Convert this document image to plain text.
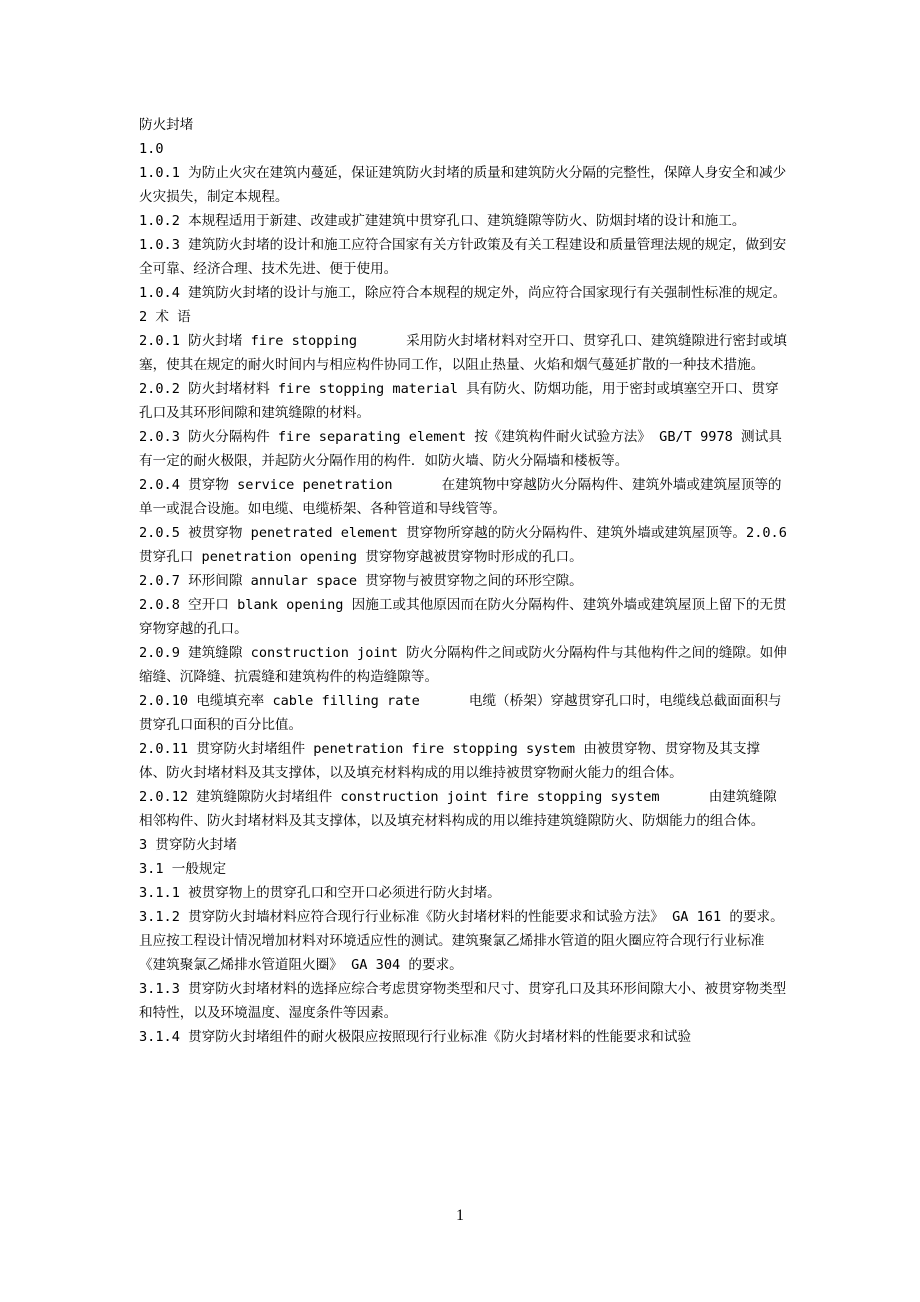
防火封堵

1.0

1.0.1 为防止火灾在建筑内蔓延，保证建筑防火封堵的质量和建筑防火分隔的完整性，保障人身安全和减少火灾损失，制定本规程。

1.0.2 本规程适用于新建、改建或扩建建筑中贯穿孔口、建筑缝隙等防火、防烟封堵的设计和施工。

1.0.3 建筑防火封堵的设计和施工应符合国家有关方针政策及有关工程建设和质量管理法规的规定，做到安全可靠、经济合理、技术先进、便于使用。

1.0.4 建筑防火封堵的设计与施工，除应符合本规程的规定外，尚应符合国家现行有关强制性标准的规定。

2 术 语

2.0.1 防火封堵 fire stopping      采用防火封堵材料对空开口、贯穿孔口、建筑缝隙进行密封或填塞，使其在规定的耐火时间内与相应构件协同工作，以阻止热量、火焰和烟气蔓延扩散的一种技术措施。

2.0.2 防火封堵材料 fire stopping material 具有防火、防烟功能，用于密封或填塞空开口、贯穿孔口及其环形间隙和建筑缝隙的材料。

2.0.3 防火分隔构件 fire separating element 按《建筑构件耐火试验方法》 GB/T 9978 测试具有一定的耐火极限，并起防火分隔作用的构件．如防火墙、防火分隔墙和楼板等。

2.0.4 贯穿物 service penetration      在建筑物中穿越防火分隔构件、建筑外墙或建筑屋顶等的单一或混合设施。如电缆、电缆桥架、各种管道和导线管等。

2.0.5 被贯穿物 penetrated element 贯穿物所穿越的防火分隔构件、建筑外墙或建筑屋顶等。2.0.6 贯穿孔口 penetration opening 贯穿物穿越被贯穿物时形成的孔口。

2.0.7 环形间隙 annular space 贯穿物与被贯穿物之间的环形空隙。

2.0.8 空开口 blank opening 因施工或其他原因而在防火分隔构件、建筑外墙或建筑屋顶上留下的无贯穿物穿越的孔口。

2.0.9 建筑缝隙 construction joint 防火分隔构件之间或防火分隔构件与其他构件之间的缝隙。如伸缩缝、沉降缝、抗震缝和建筑构件的构造缝隙等。

2.0.10 电缆填充率 cable filling rate      电缆（桥架）穿越贯穿孔口时，电缆线总截面面积与贯穿孔口面积的百分比值。

2.0.11 贯穿防火封堵组件 penetration fire stopping system 由被贯穿物、贯穿物及其支撑体、防火封堵材料及其支撑体，以及填充材料构成的用以维持被贯穿物耐火能力的组合体。

2.0.12 建筑缝隙防火封堵组件 construction joint fire stopping system      由建筑缝隙相邻构件、防火封堵材料及其支撑体，以及填充材料构成的用以维持建筑缝隙防火、防烟能力的组合体。

3 贯穿防火封堵

3.1 一般规定

3.1.1 被贯穿物上的贯穿孔口和空开口必须进行防火封堵。

3.1.2 贯穿防火封墙材料应符合现行行业标准《防火封堵材料的性能要求和试验方法》 GA 161 的要求。且应按工程设计情况增加材料对环境适应性的测试。建筑聚氯乙烯排水管道的阻火圈应符合现行行业标准《建筑聚氯乙烯排水管道阻火圈》 GA 304 的要求。

3.1.3 贯穿防火封堵材料的选择应综合考虑贯穿物类型和尺寸、贯穿孔口及其环形间隙大小、被贯穿物类型和特性，以及环境温度、湿度条件等因素。

3.1.4 贯穿防火封堵组件的耐火极限应按照现行行业标准《防火封堵材料的性能要求和试验

1
